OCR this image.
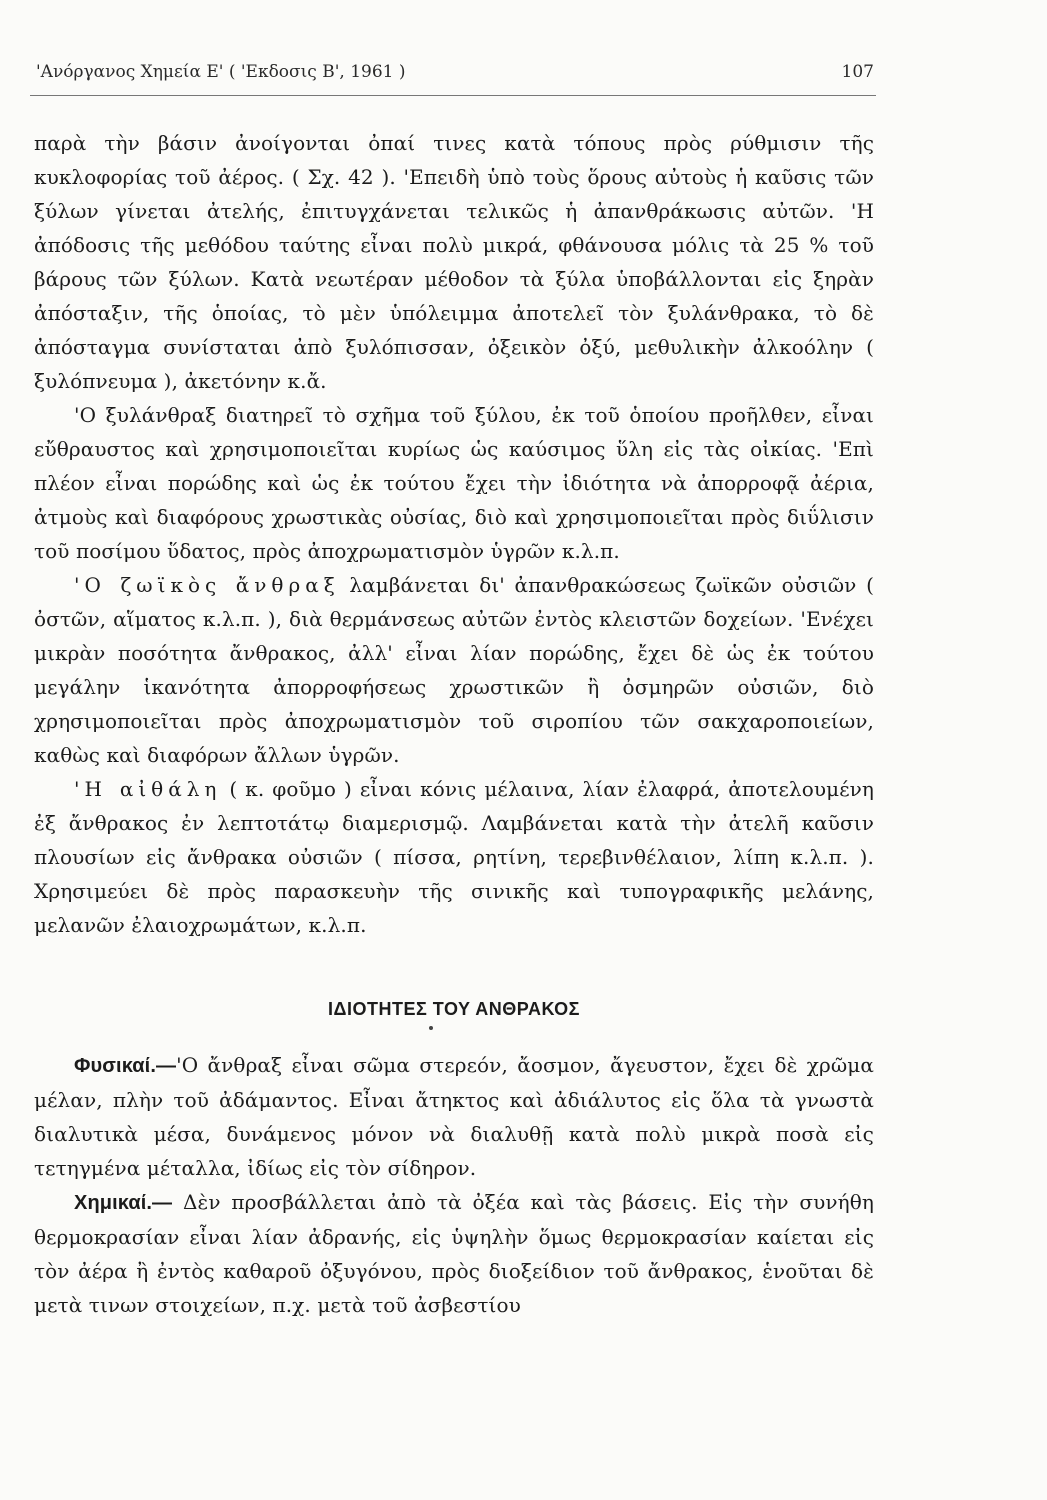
'Ανόργανος Χημεία Ε' ( 'Εκδοσις Β', 1961 )	107

παρὰ τὴν βάσιν ἀνοίγονται ὀπαί τινες κατὰ τόπους πρὸς ρύθμισιν τῆς κυκλοφορίας τοῦ ἀέρος. ( Σχ. 42 ). 'Επειδὴ ὑπὸ τοὺς ὅρους αὐτοὺς ἡ καῦσις τῶν ξύλων γίνεται ἀτελής, ἐπιτυγχάνεται τελικῶς ἡ ἀπανθράκωσις αὐτῶν. 'Η ἀπόδοσις τῆς μεθόδου ταύτης εἶναι πολὺ μικρά, φθάνουσα μόλις τὰ 25 % τοῦ βάρους τῶν ξύλων. Κατὰ νεωτέραν μέθοδον τὰ ξύλα ὑποβάλλονται εἰς ξηρὰν ἀπόσταξιν, τῆς ὁποίας, τὸ μὲν ὑπόλειμμα ἀποτελεῖ τὸν ξυλάνθρακα, τὸ δὲ ἀπόσταγμα συνίσταται ἀπὸ ξυλόπισσαν, ὀξεικὸν ὀξύ, μεθυλικὴν ἀλκοόλην ( ξυλόπνευμα ), ἀκετόνην κ.ἄ.

'Ο ξυλάνθραξ διατηρεῖ τὸ σχῆμα τοῦ ξύλου, ἐκ τοῦ ὁποίου προῆλθεν, εἶναι εὔθραυστος καὶ χρησιμοποιεῖται κυρίως ὡς καύσιμος ὕλη εἰς τὰς οἰκίας. 'Επὶ πλέον εἶναι πορώδης καὶ ὡς ἐκ τούτου ἔχει τὴν ἰδιότητα νὰ ἀπορροφᾷ ἀέρια, ἀτμοὺς καὶ διαφόρους χρωστικὰς οὐσίας, διὸ καὶ χρησιμοποιεῖται πρὸς διΰλισιν τοῦ ποσίμου ὕδατος, πρὸς ἀποχρωματισμὸν ὑγρῶν κ.λ.π.

'Ο ζωϊκὸς ἄνθραξ λαμβάνεται δι' ἀπανθρακώσεως ζωϊκῶν οὐσιῶν ( ὀστῶν, αἵματος κ.λ.π. ), διὰ θερμάνσεως αὐτῶν ἐντὸς κλειστῶν δοχείων. 'Ενέχει μικρὰν ποσότητα ἄνθρακος, ἀλλ' εἶναι λίαν πορώδης, ἔχει δὲ ὡς ἐκ τούτου μεγάλην ἱκανότητα ἀπορροφήσεως χρωστικῶν ἢ ὀσμηρῶν οὐσιῶν, διὸ χρησιμοποιεῖται πρὸς ἀποχρωματισμὸν τοῦ σιροπίου τῶν σακχαροποιείων, καθὼς καὶ διαφόρων ἄλλων ὑγρῶν.

'Η αἰθάλη ( κ. φοῦμο ) εἶναι κόνις μέλαινα, λίαν ἐλαφρά, ἀποτελουμένη ἐξ ἄνθρακος ἐν λεπτοτάτῳ διαμερισμῷ. Λαμβάνεται κατὰ τὴν ἀτελῆ καῦσιν πλουσίων εἰς ἄνθρακα οὐσιῶν ( πίσσα, ρητίνη, τερεβινθέλαιον, λίπη κ.λ.π. ). Χρησιμεύει δὲ πρὸς παρασκευὴν τῆς σινικῆς καὶ τυπογραφικῆς μελάνης, μελανῶν ἐλαιοχρωμάτων, κ.λ.π.

ΙΔΙΟΤΗΤΕΣ ΤΟΥ ΑΝΘΡΑΚΟΣ

Φυσικαί.—'Ο ἄνθραξ εἶναι σῶμα στερεόν, ἄοσμον, ἄγευστον, ἔχει δὲ χρῶμα μέλαν, πλὴν τοῦ ἀδάμαντος. Εἶναι ἄτηκτος καὶ ἀδιάλυτος εἰς ὅλα τὰ γνωστὰ διαλυτικὰ μέσα, δυνάμενος μόνον νὰ διαλυθῇ κατὰ πολὺ μικρὰ ποσὰ εἰς τετηγμένα μέταλλα, ἰδίως εἰς τὸν σίδηρον.

Χημικαί.— Δὲν προσβάλλεται ἀπὸ τὰ ὀξέα καὶ τὰς βάσεις. Εἰς τὴν συνήθη θερμοκρασίαν εἶναι λίαν ἀδρανής, εἰς ὑψηλὴν ὅμως θερμοκρασίαν καίεται εἰς τὸν ἀέρα ἢ ἐντὸς καθαροῦ ὀξυγόνου, πρὸς διοξείδιον τοῦ ἄνθρακος, ἑνοῦται δὲ μετὰ τινων στοιχείων, π.χ. μετὰ τοῦ ἀσβεστίου
